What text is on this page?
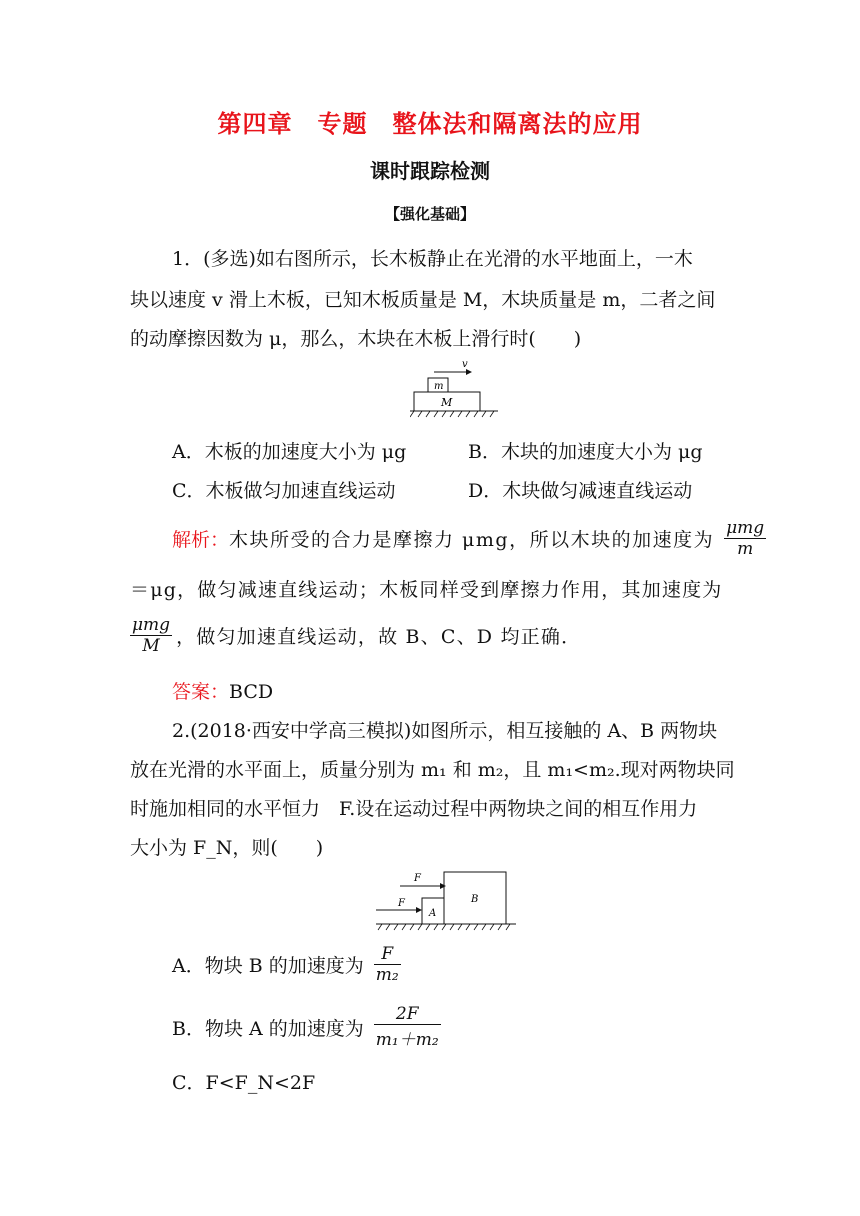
第四章　专题　整体法和隔离法的应用
课时跟踪检测
【强化基础】
1．(多选)如右图所示，长木板静止在光滑的水平地面上，一木
块以速度 v 滑上木板，已知木板质量是 M，木块质量是 m，二者之间
的动摩擦因数为 μ，那么，木块在木板上滑行时(　　)
v
m
M
A．木板的加速度大小为 μg	B．木块的加速度大小为 μg
C．木板做匀加速直线运动	D．木块做匀减速直线运动
解析： 木块所受的合力是摩擦力 μmg，所以木块的加速度为 $\frac{\text{μmg}}{m}$
＝μg，做匀减速直线运动；木板同样受到摩擦力作用，其加速度为
$\frac{\text{μmg}}{M}$ ，做匀加速直线运动，故 B、C、D 均正确．
答案：BCD
2.(2018·西安中学高三模拟)如图所示，相互接触的 A、B 两物块
放在光滑的水平面上，质量分别为 m₁ 和 m₂，且 m₁<m₂.现对两物块同
时施加相同的水平恒力　F.设在运动过程中两物块之间的相互作用力
大小为 F_N，则(　　)
F
F
A
B
A．物块 B 的加速度为 $\frac{F}{\text{m₂}}$
B．物块 A 的加速度为 $\frac{2F}{\text{m₁＋m₂}}$
C．F<F_N<2F
